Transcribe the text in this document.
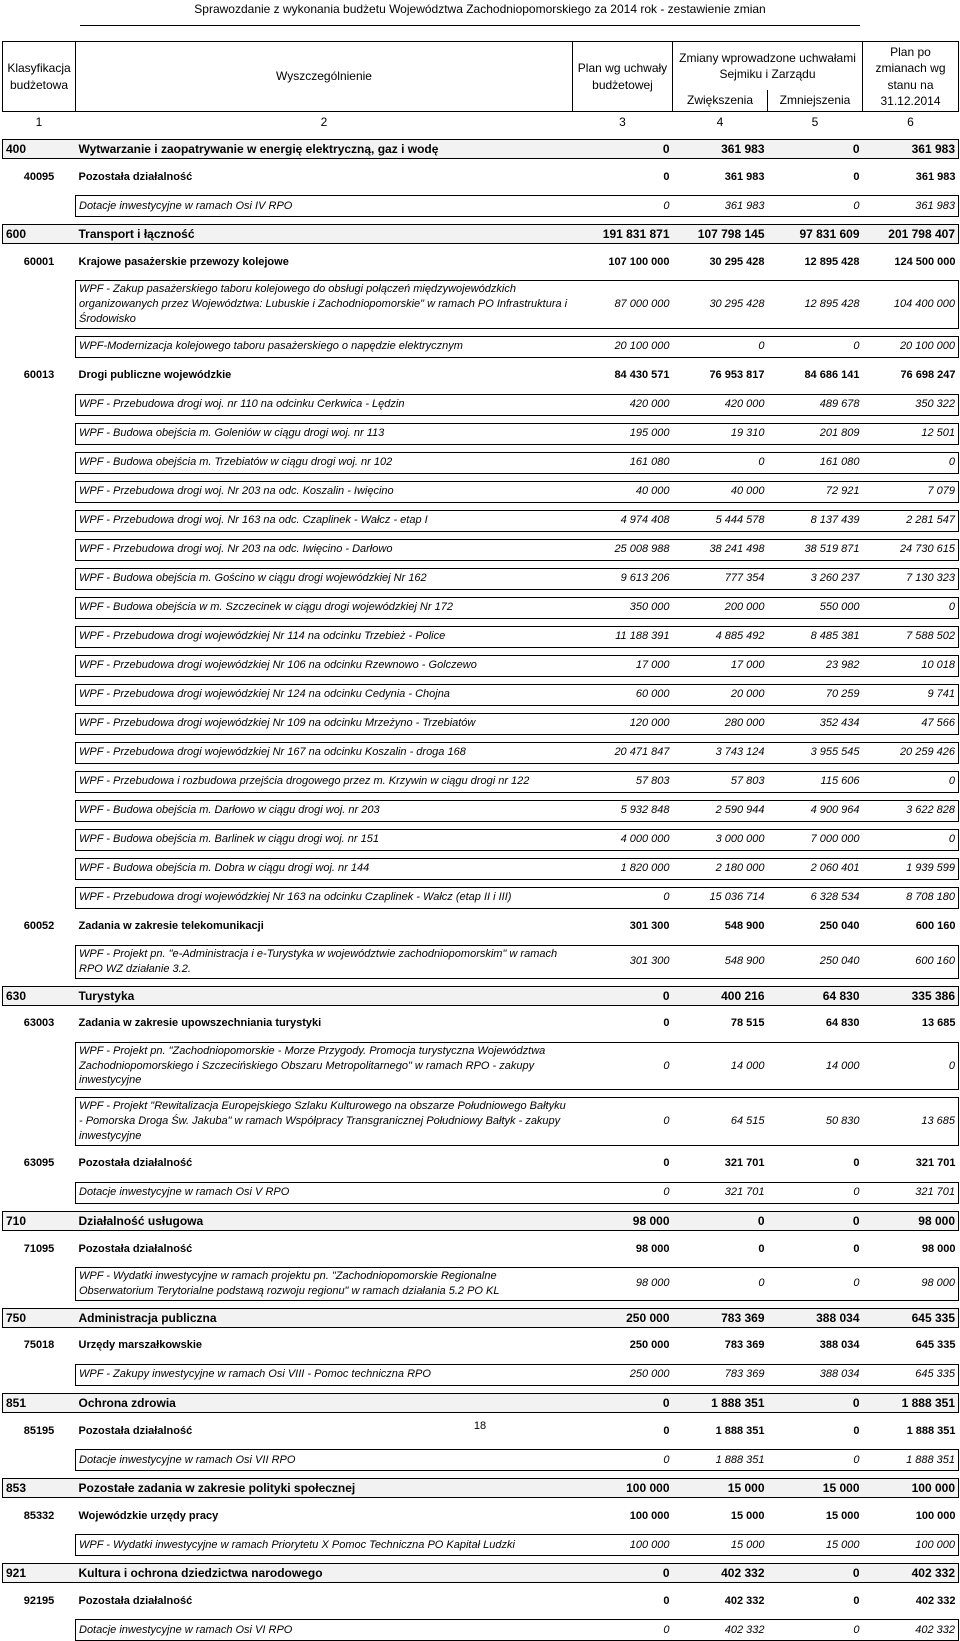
Sprawozdanie z wykonania budżetu Województwa Zachodniopomorskiego za 2014 rok - zestawienie zmian
Klasyfikacja budżetowa	Wyszczególnienie	Plan wg uchwały budżetowej	Zmiany wprowadzone uchwałami Sejmiku i Zarządu		Plan po zmianach wg stanu na 31.12.2014
			Zwiększenia	Zmniejszenia	
1	2	3	4	5	6

400	Wytwarzanie i zaopatrywanie w energię elektryczną, gaz i wodę	0	361 983	0	361 983

40095	Pozostała działalność	0	361 983	0	361 983

	Dotacje inwestycyjne w ramach Osi IV RPO	0	361 983	0	361 983

600	Transport i łączność	191 831 871	107 798 145	97 831 609	201 798 407

60001	Krajowe pasażerskie przewozy kolejowe	107 100 000	30 295 428	12 895 428	124 500 000

	WPF - Zakup pasażerskiego taboru kolejowego do obsługi połączeń międzywojewódzkich organizowanych przez Województwa: Lubuskie i Zachodniopomorskie" w ramach PO Infrastruktura i Środowisko	87 000 000	30 295 428	12 895 428	104 400 000

	WPF-Modernizacja kolejowego taboru pasażerskiego o napędzie elektrycznym	20 100 000	0	0	20 100 000

60013	Drogi publiczne wojewódzkie	84 430 571	76 953 817	84 686 141	76 698 247

	WPF - Przebudowa drogi woj. nr 110 na odcinku Cerkwica - Lędzin	420 000	420 000	489 678	350 322

	WPF - Budowa obejścia m. Goleniów w ciągu drogi woj. nr 113	195 000	19 310	201 809	12 501

	WPF - Budowa obejścia m. Trzebiatów w ciągu drogi woj. nr 102	161 080	0	161 080	0

	WPF - Przebudowa drogi woj. Nr 203 na odc. Koszalin - Iwięcino	40 000	40 000	72 921	7 079

	WPF - Przebudowa drogi woj. Nr 163 na odc. Czaplinek - Wałcz - etap I	4 974 408	5 444 578	8 137 439	2 281 547

	WPF - Przebudowa drogi woj. Nr 203 na odc. Iwięcino - Darłowo	25 008 988	38 241 498	38 519 871	24 730 615

	WPF - Budowa obejścia m. Gościno w ciągu drogi wojewódzkiej Nr 162	9 613 206	777 354	3 260 237	7 130 323

	WPF - Budowa obejścia w m. Szczecinek w ciągu drogi wojewódzkiej Nr 172	350 000	200 000	550 000	0

	WPF - Przebudowa drogi wojewódzkiej Nr 114 na odcinku Trzebież - Police	11 188 391	4 885 492	8 485 381	7 588 502

	WPF - Przebudowa drogi wojewódzkiej Nr 106 na odcinku Rzewnowo - Golczewo	17 000	17 000	23 982	10 018

	WPF - Przebudowa drogi wojewódzkiej Nr 124 na odcinku Cedynia - Chojna	60 000	20 000	70 259	9 741

	WPF - Przebudowa drogi wojewódzkiej Nr 109 na odcinku Mrzeżyno - Trzebiatów	120 000	280 000	352 434	47 566

	WPF - Przebudowa drogi wojewódzkiej Nr 167 na odcinku Koszalin - droga 168	20 471 847	3 743 124	3 955 545	20 259 426

	WPF - Przebudowa i rozbudowa przejścia drogowego przez m. Krzywin w ciągu drogi nr 122	57 803	57 803	115 606	0

	WPF - Budowa obejścia m. Darłowo w ciągu drogi woj. nr 203	5 932 848	2 590 944	4 900 964	3 622 828

	WPF - Budowa obejścia m. Barlinek w ciągu drogi woj. nr 151	4 000 000	3 000 000	7 000 000	0

	WPF - Budowa obejścia m. Dobra w ciągu drogi woj. nr 144	1 820 000	2 180 000	2 060 401	1 939 599

	WPF - Przebudowa drogi wojewódzkiej Nr 163 na odcinku Czaplinek - Wałcz (etap II i III)	0	15 036 714	6 328 534	8 708 180

60052	Zadania w zakresie telekomunikacji	301 300	548 900	250 040	600 160

	WPF - Projekt pn. "e-Administracja i e-Turystyka w województwie zachodniopomorskim" w ramach RPO WZ działanie 3.2.	301 300	548 900	250 040	600 160

630	Turystyka	0	400 216	64 830	335 386

63003	Zadania w zakresie upowszechniania turystyki	0	78 515	64 830	13 685

	WPF - Projekt pn. "Zachodniopomorskie - Morze Przygody. Promocja turystyczna Województwa Zachodniopomorskiego i Szczecińskiego Obszaru Metropolitarnego" w ramach RPO - zakupy inwestycyjne	0	14 000	14 000	0

	WPF - Projekt "Rewitalizacja Europejskiego Szlaku Kulturowego na obszarze Południowego Bałtyku - Pomorska Droga Św. Jakuba" w ramach Współpracy Transgranicznej Południowy Bałtyk - zakupy inwestycyjne	0	64 515	50 830	13 685

63095	Pozostała działalność	0	321 701	0	321 701

	Dotacje inwestycyjne w ramach Osi V RPO	0	321 701	0	321 701

710	Działalność usługowa	98 000	0	0	98 000

71095	Pozostała działalność	98 000	0	0	98 000

	WPF - Wydatki inwestycyjne w ramach projektu pn. "Zachodniopomorskie Regionalne Obserwatorium Terytorialne podstawą rozwoju regionu" w ramach działania 5.2 PO KL	98 000	0	0	98 000

750	Administracja publiczna	250 000	783 369	388 034	645 335

75018	Urzędy marszałkowskie	250 000	783 369	388 034	645 335

	WPF - Zakupy inwestycyjne w ramach Osi VIII - Pomoc techniczna RPO	250 000	783 369	388 034	645 335

851	Ochrona zdrowia	0	1 888 351	0	1 888 351

85195	Pozostała działalność	0	1 888 351	0	1 888 351

	Dotacje inwestycyjne w ramach Osi VII RPO	0	1 888 351	0	1 888 351

853	Pozostałe zadania w zakresie polityki społecznej	100 000	15 000	15 000	100 000

85332	Wojewódzkie urzędy pracy	100 000	15 000	15 000	100 000

	WPF - Wydatki inwestycyjne w ramach Priorytetu X Pomoc Techniczna PO Kapitał Ludzki	100 000	15 000	15 000	100 000

921	Kultura i ochrona dziedzictwa narodowego	0	402 332	0	402 332

92195	Pozostała działalność	0	402 332	0	402 332

	Dotacje inwestycyjne w ramach Osi VI RPO	0	402 332	0	402 332
18
